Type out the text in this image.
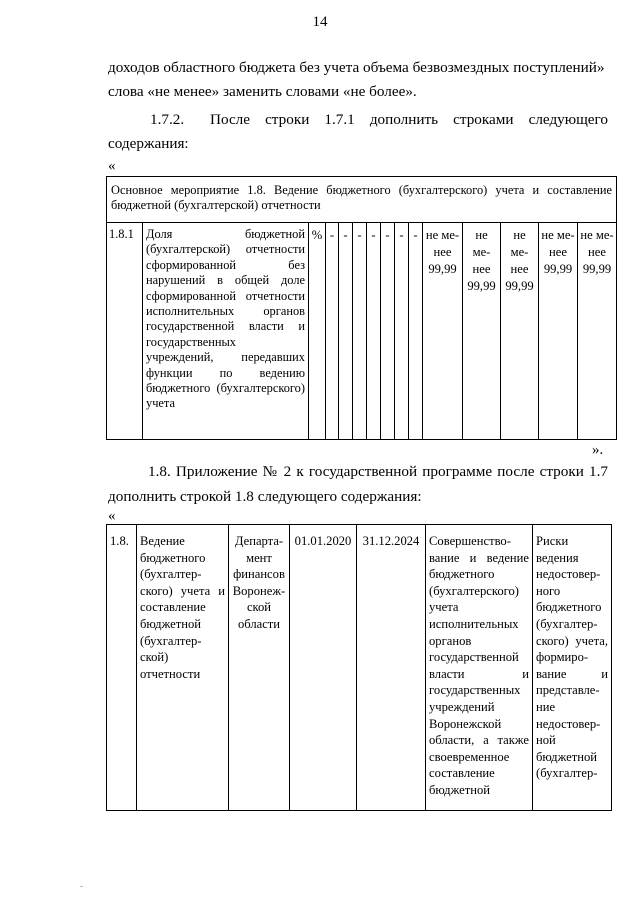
14
доходов областного бюджета без учета объема безвозмездных поступлений»
слова «не менее» заменить словами «не более».
1.7.2.	После строки 1.7.1 дополнить строками следующего
содержания:
«
Основное мероприятие 1.8. Ведение бюджетного (бухгалтерского) учета и составление бюджетной (бухгалтерской) отчетности
1.8.1	Доля бюджетной (бухгалтерской) отчетности сформированной без нарушений в общей доле сформированной отчетности исполнительных органов государственной власти и государственных учреждений, передавших функции по ведению бюджетного (бухгалтерского) учета	%	-	-	-	-	-	-	-	не ме- нее 99,99	не ме- нее 99,99	не ме- нее 99,99	не ме- нее 99,99	не ме- нее 99,99
».
1.8. Приложение № 2 к государственной программе после строки 1.7
дополнить строкой 1.8 следующего содержания:
«
1.8.	Ведение бюджетного (бухгалтер- ского) учета и составление бюджетной (бухгалтер- ской) отчетности	Департа- мент финансов Воронеж- ской области	01.01.2020	31.12.2024	Совершенство- вание и ведение бюджетного (бухгалтерского) учета исполнительных органов государственной власти и государственных учреждений Воронежской области, а также своевременное составление бюджетной	Риски ведения недостовер- ного бюджетного (бухгалтер- ского) учета, формиро- вание и представле- ние недостовер- ной бюджетной (бухгалтер-
